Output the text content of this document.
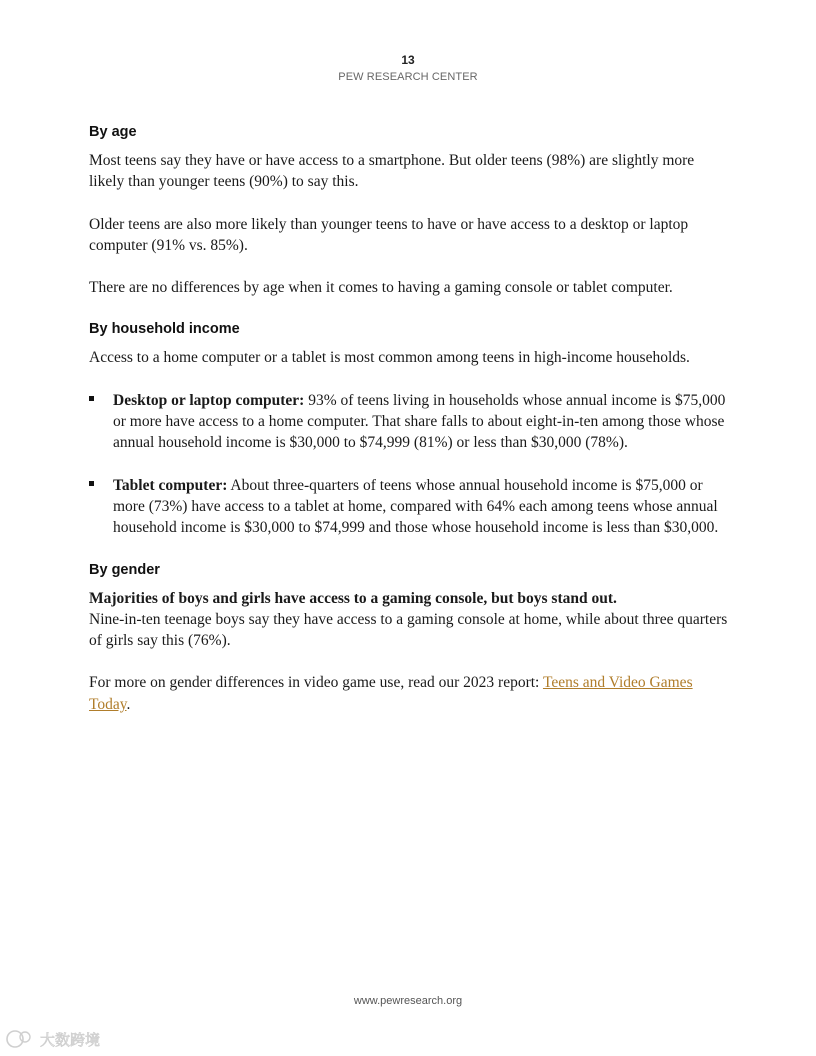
13
PEW RESEARCH CENTER
By age

Most teens say they have or have access to a smartphone. But older teens (98%) are slightly more likely than younger teens (90%) to say this.

Older teens are also more likely than younger teens to have or have access to a desktop or laptop computer (91% vs. 85%).

There are no differences by age when it comes to having a gaming console or tablet computer.

By household income

Access to a home computer or a tablet is most common among teens in high-income households.

Desktop or laptop computer: 93% of teens living in households whose annual income is $75,000 or more have access to a home computer. That share falls to about eight-in-ten among those whose annual household income is $30,000 to $74,999 (81%) or less than $30,000 (78%).
Tablet computer: About three-quarters of teens whose annual household income is $75,000 or more (73%) have access to a tablet at home, compared with 64% each among teens whose annual household income is $30,000 to $74,999 and those whose household income is less than $30,000.
By gender

Majorities of boys and girls have access to a gaming console, but boys stand out.

Nine-in-ten teenage boys say they have access to a gaming console at home, while about three quarters of girls say this (76%).

For more on gender differences in video game use, read our 2023 report: Teens and Video Games Today.

www.pewresearch.org
大数跨境
